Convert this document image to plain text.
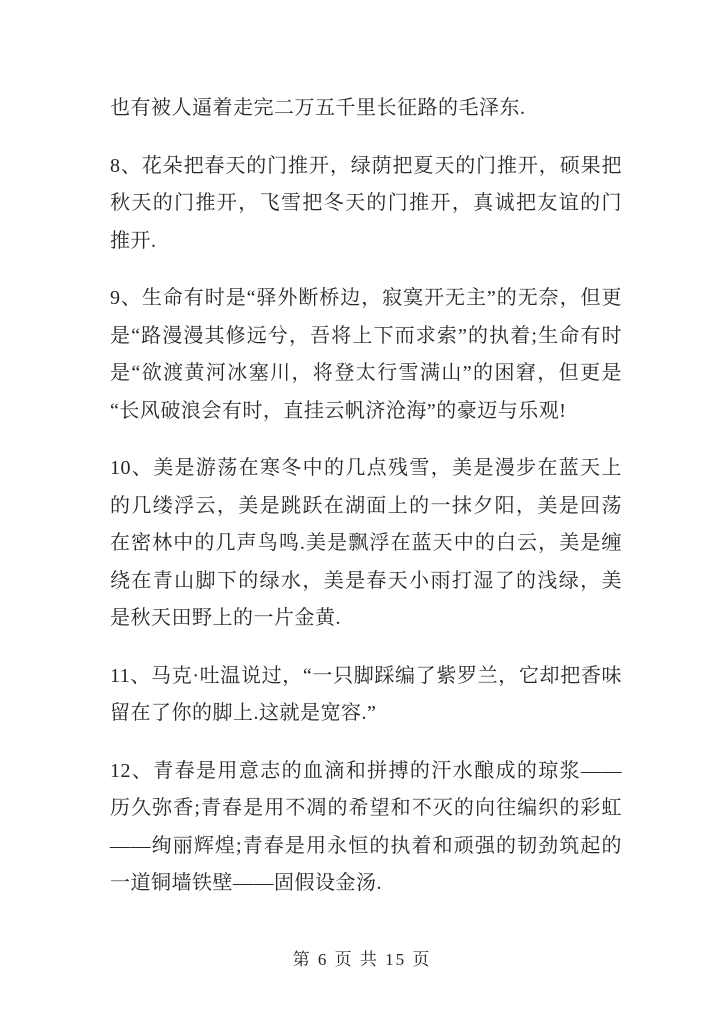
也有被人逼着走完二万五千里长征路的毛泽东.

8、花朵把春天的门推开，绿荫把夏天的门推开，硕果把秋天的门推开，飞雪把冬天的门推开，真诚把友谊的门推开.

9、生命有时是“驿外断桥边，寂寞开无主”的无奈，但更是“路漫漫其修远兮，吾将上下而求索”的执着;生命有时是“欲渡黄河冰塞川，将登太行雪满山”的困窘，但更是“长风破浪会有时，直挂云帆济沧海”的豪迈与乐观!

10、美是游荡在寒冬中的几点残雪，美是漫步在蓝天上的几缕浮云，美是跳跃在湖面上的一抹夕阳，美是回荡在密林中的几声鸟鸣.美是飘浮在蓝天中的白云，美是缠绕在青山脚下的绿水，美是春天小雨打湿了的浅绿，美是秋天田野上的一片金黄.

11、马克·吐温说过，“一只脚踩编了紫罗兰，它却把香味留在了你的脚上.这就是宽容.”

12、青春是用意志的血滴和拼搏的汗水酿成的琼浆——历久弥香;青春是用不凋的希望和不灭的向往编织的彩虹——绚丽辉煌;青春是用永恒的执着和顽强的韧劲筑起的一道铜墙铁壁——固假设金汤.

第 6 页 共 15 页
